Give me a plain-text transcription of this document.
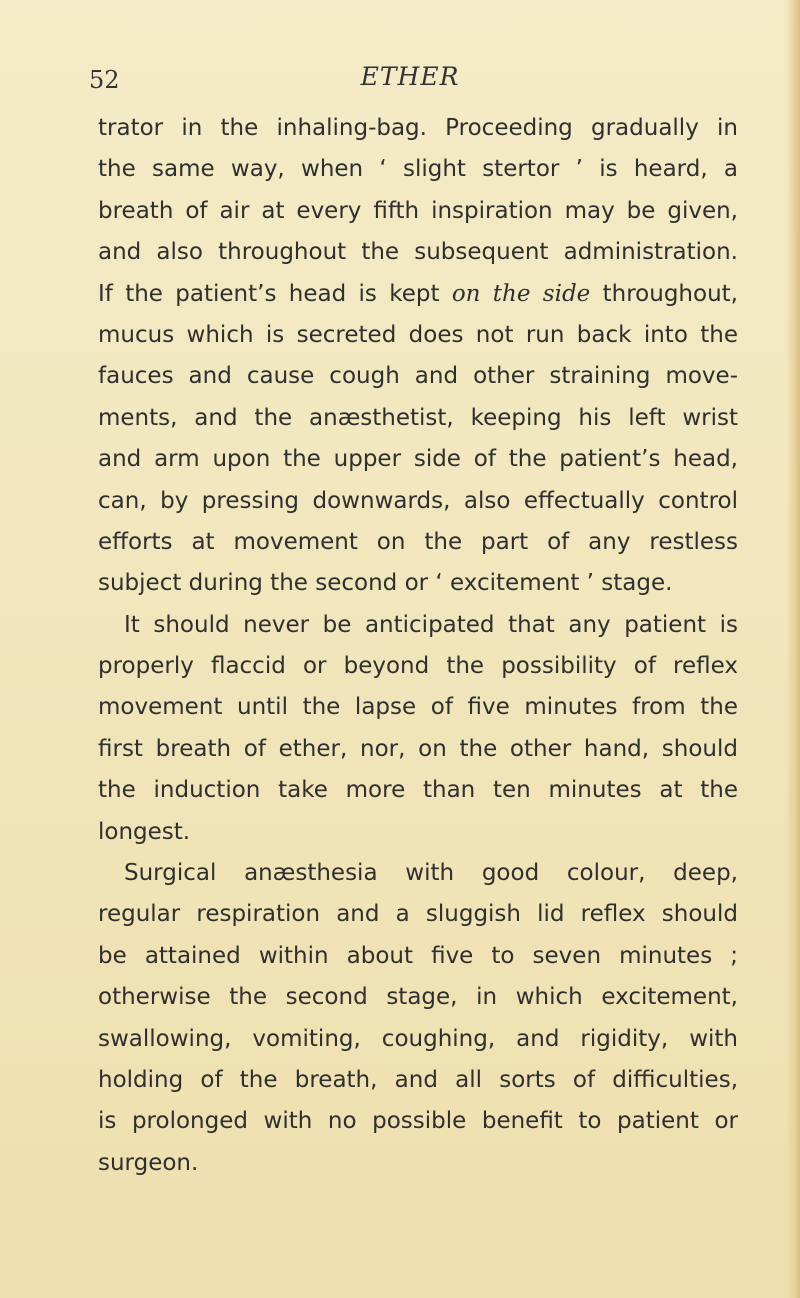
52	ETHER
trator in the inhaling-bag. Proceeding gradually in
the same way, when ‘ slight stertor ’ is heard, a
breath of air at every fifth inspiration may be given,
and also throughout the subsequent administration.
If the patient’s head is kept on the side throughout,
mucus which is secreted does not run back into the
fauces and cause cough and other straining move-
ments, and the anæsthetist, keeping his left wrist
and arm upon the upper side of the patient’s head,
can, by pressing downwards, also effectually control
efforts at movement on the part of any restless
subject during the second or ‘ excitement ’ stage.
It should never be anticipated that any patient is
properly flaccid or beyond the possibility of reflex
movement until the lapse of five minutes from the
first breath of ether, nor, on the other hand, should
the induction take more than ten minutes at the
longest.
Surgical anæsthesia with good colour, deep,
regular respiration and a sluggish lid reflex should
be attained within about five to seven minutes ;
otherwise the second stage, in which excitement,
swallowing, vomiting, coughing, and rigidity, with
holding of the breath, and all sorts of difficulties,
is prolonged with no possible benefit to patient or
surgeon.
